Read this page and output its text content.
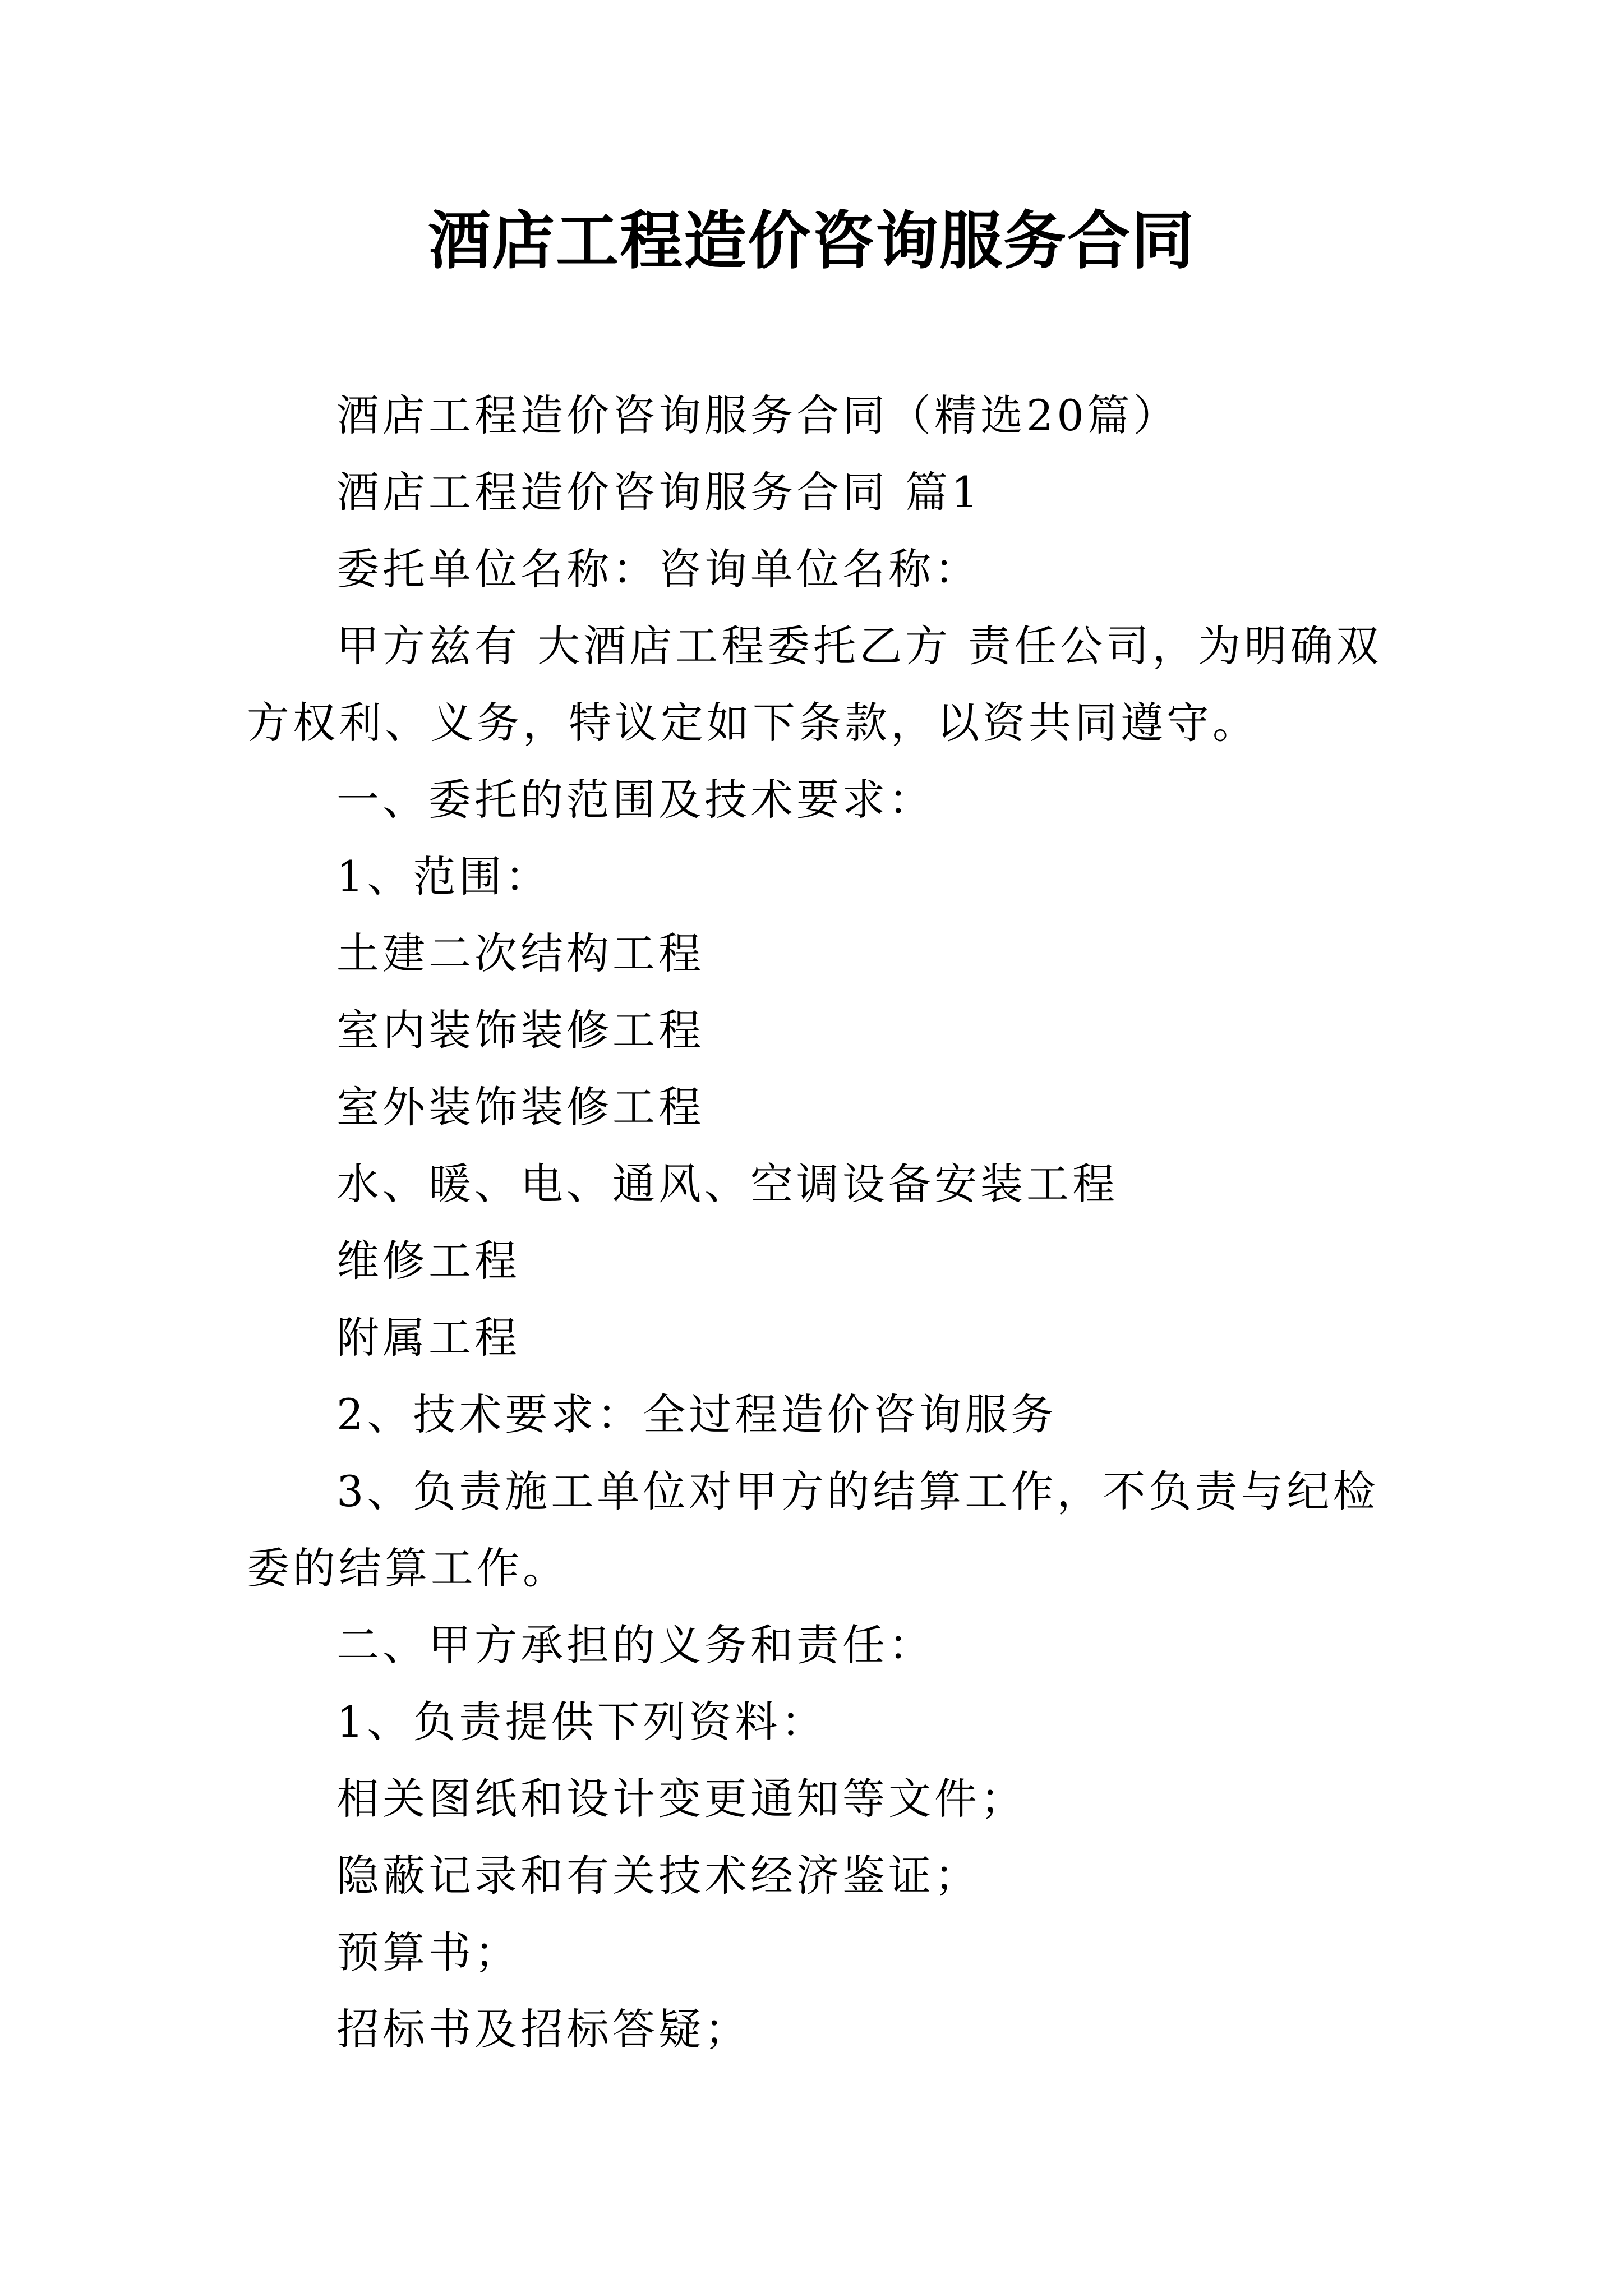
酒店工程造价咨询服务合同

酒店工程造价咨询服务合同（精选20篇）

酒店工程造价咨询服务合同 篇1

委托单位名称：咨询单位名称：

甲方兹有 大酒店工程委托乙方 责任公司，为明确双方权利、义务，特议定如下条款，以资共同遵守。

一、委托的范围及技术要求：

1、范围：

土建二次结构工程

室内装饰装修工程

室外装饰装修工程

水、暖、电、通风、空调设备安装工程

维修工程

附属工程

2、技术要求：全过程造价咨询服务

3、负责施工单位对甲方的结算工作，不负责与纪检委的结算工作。

二、甲方承担的义务和责任：

1、负责提供下列资料：

相关图纸和设计变更通知等文件；

隐蔽记录和有关技术经济鉴证；

预算书；

招标书及招标答疑；
